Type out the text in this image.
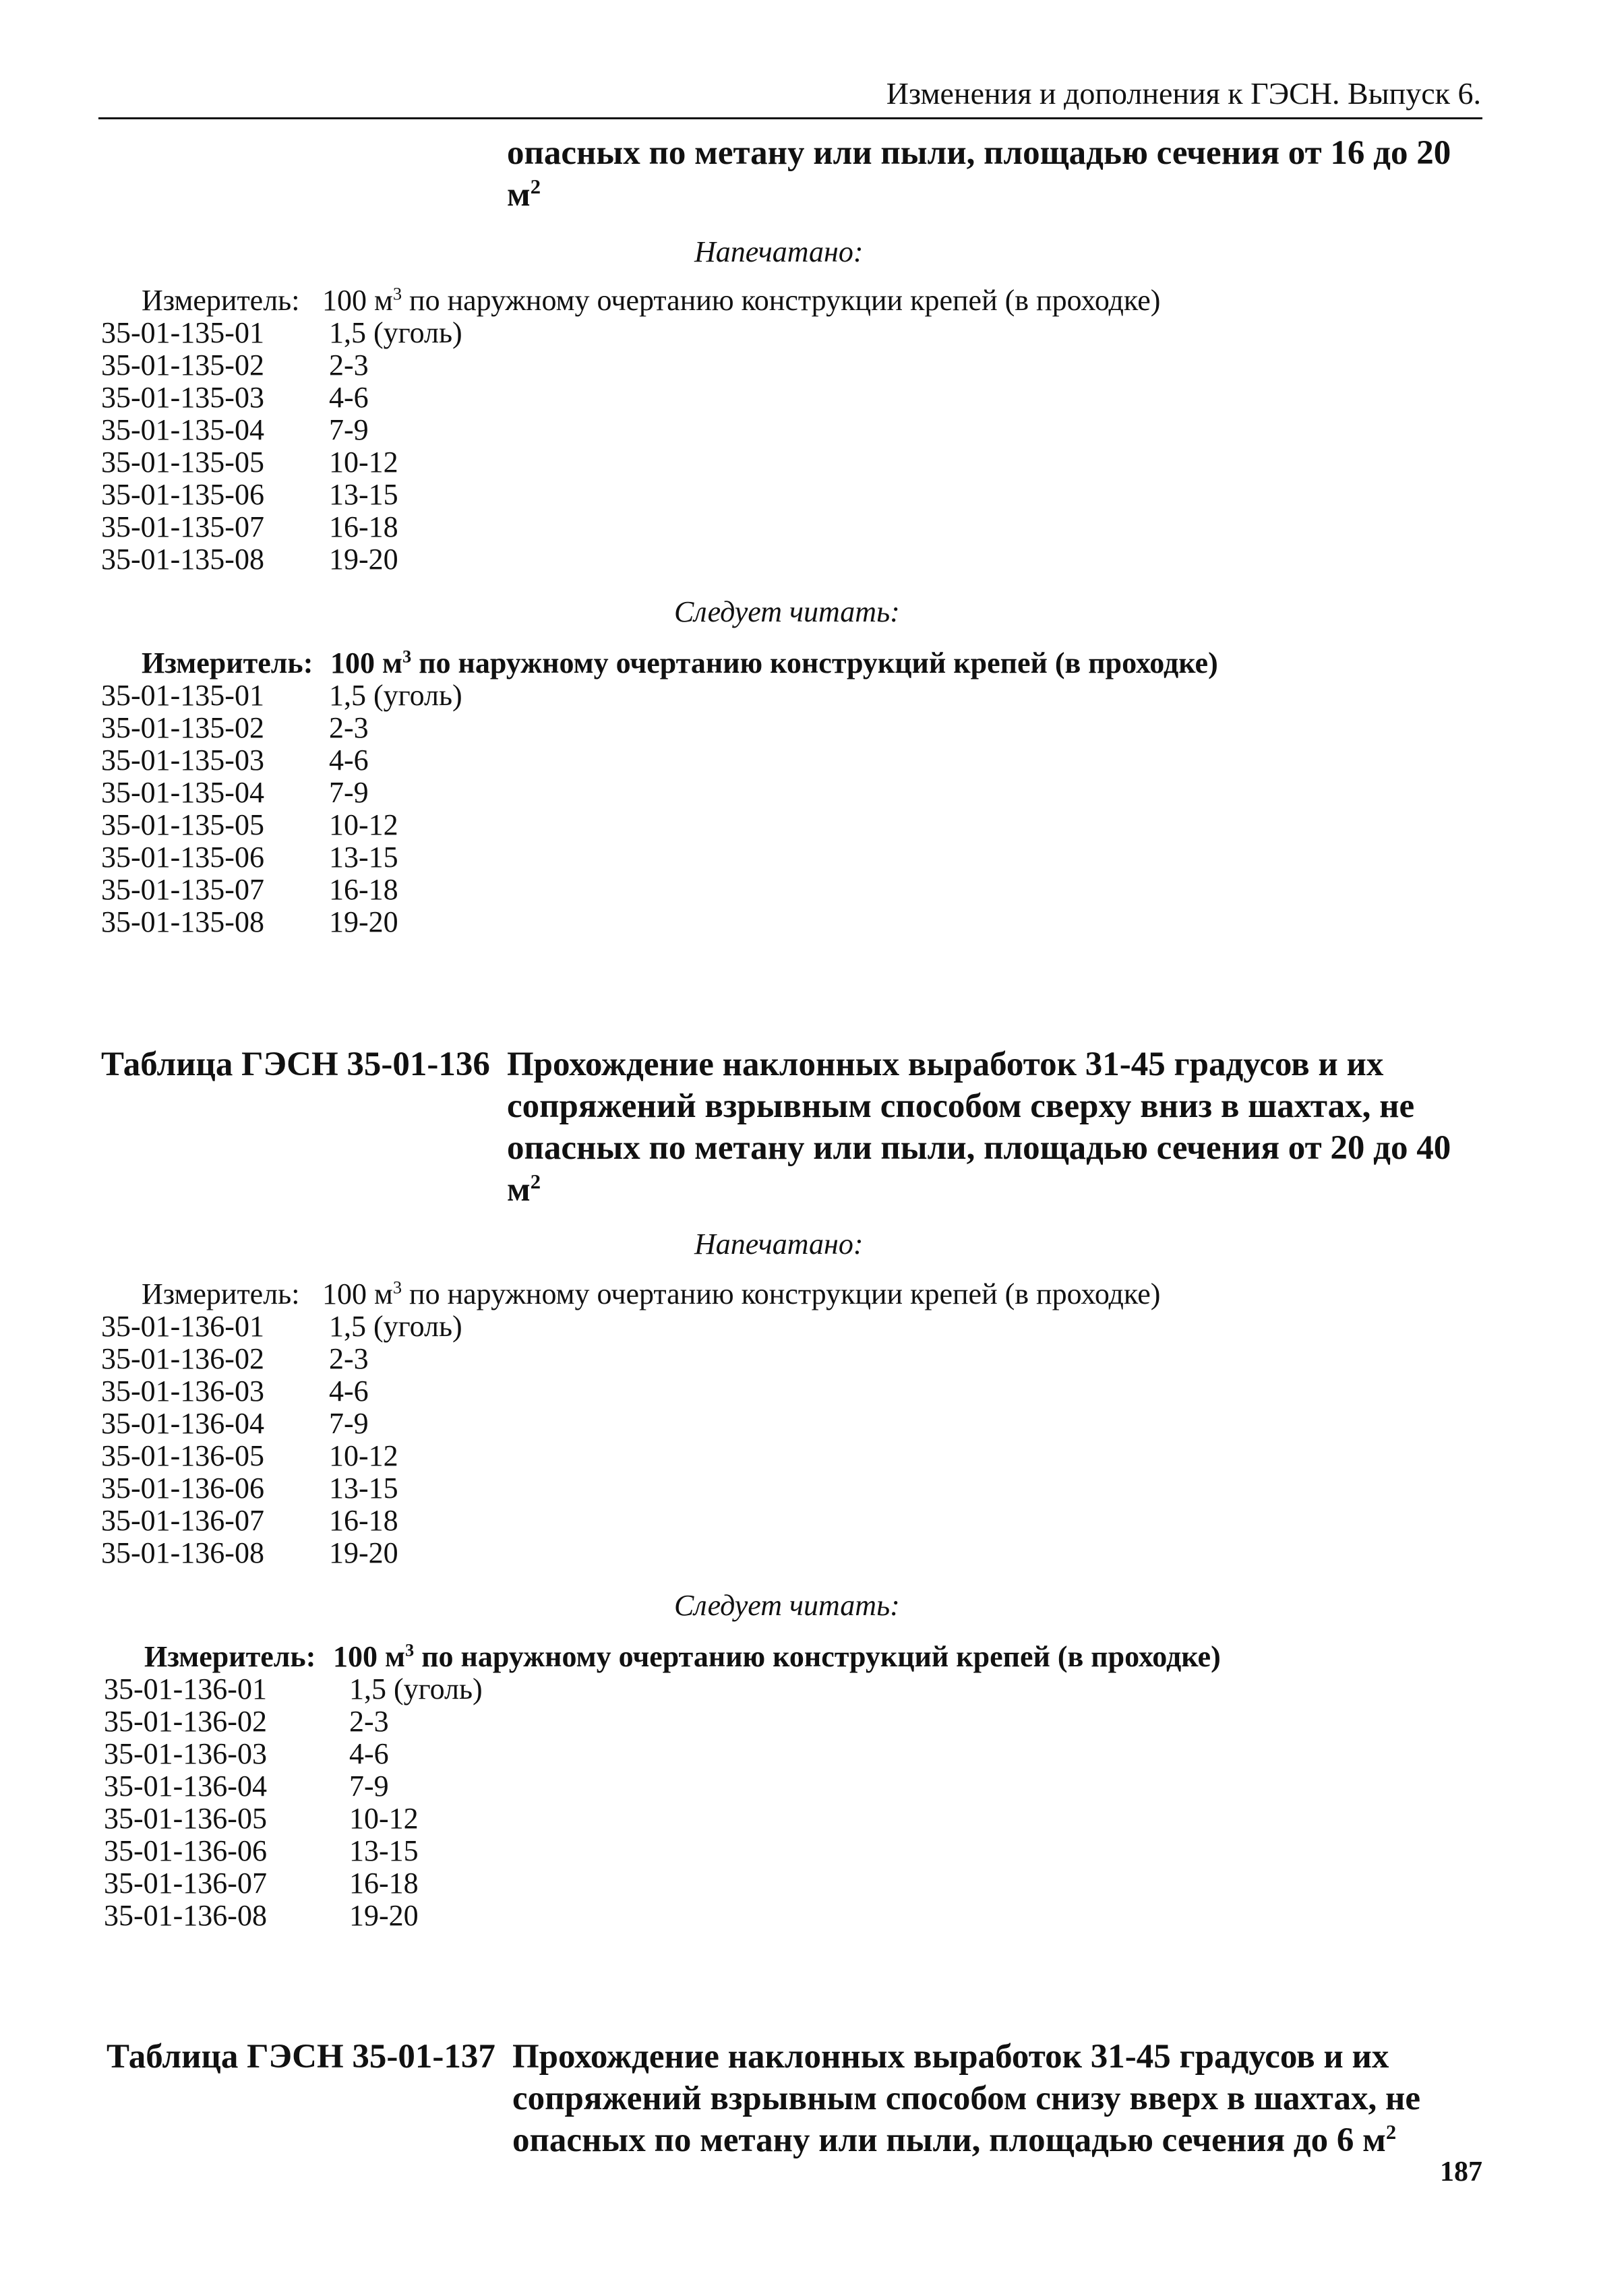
Изменения и дополнения к ГЭСН. Выпуск 6.
опасных по метану или пыли, площадью сечения от 16 до 20
$м^2$
Напечатано:
Измеритель: 100 $м^3$ по наружному очертанию конструкции крепей (в проходке)
35-01-135-01 1,5 (уголь)
35-01-135-02 2-3
35-01-135-03 4-6
35-01-135-04 7-9
35-01-135-05 10-12
35-01-135-06 13-15
35-01-135-07 16-18
35-01-135-08 19-20
Следует читать:
Измеритель: 100 $м^3$ по наружному очертанию конструкций крепей (в проходке)
35-01-135-01 1,5 (уголь)
35-01-135-02 2-3
35-01-135-03 4-6
35-01-135-04 7-9
35-01-135-05 10-12
35-01-135-06 13-15
35-01-135-07 16-18
35-01-135-08 19-20
Таблица ГЭСН 35-01-136 Прохождение наклонных выработок 31-45 градусов и их
сопряжений взрывным способом сверху вниз в шахтах, не
опасных по метану или пыли, площадью сечения от 20 до 40
$м^2$
Напечатано:
Измеритель: 100 $м^3$ по наружному очертанию конструкции крепей (в проходке)
35-01-136-01 1,5 (уголь)
35-01-136-02 2-3
35-01-136-03 4-6
35-01-136-04 7-9
35-01-136-05 10-12
35-01-136-06 13-15
35-01-136-07 16-18
35-01-136-08 19-20
Следует читать:
Измеритель: 100 $м^3$ по наружному очертанию конструкций крепей (в проходке)
35-01-136-01	1,5 (уголь)
35-01-136-02	2-3
35-01-136-03	4-6
35-01-136-04	7-9
35-01-136-05	10-12
35-01-136-06	13-15
35-01-136-07	16-18
35-01-136-08	19-20
Таблица ГЭСН 35-01-137 Прохождение наклонных выработок 31-45 градусов и их
сопряжений взрывным способом снизу вверх в шахтах, не
опасных по метану или пыли, площадью сечения до 6 $м^2$
187
